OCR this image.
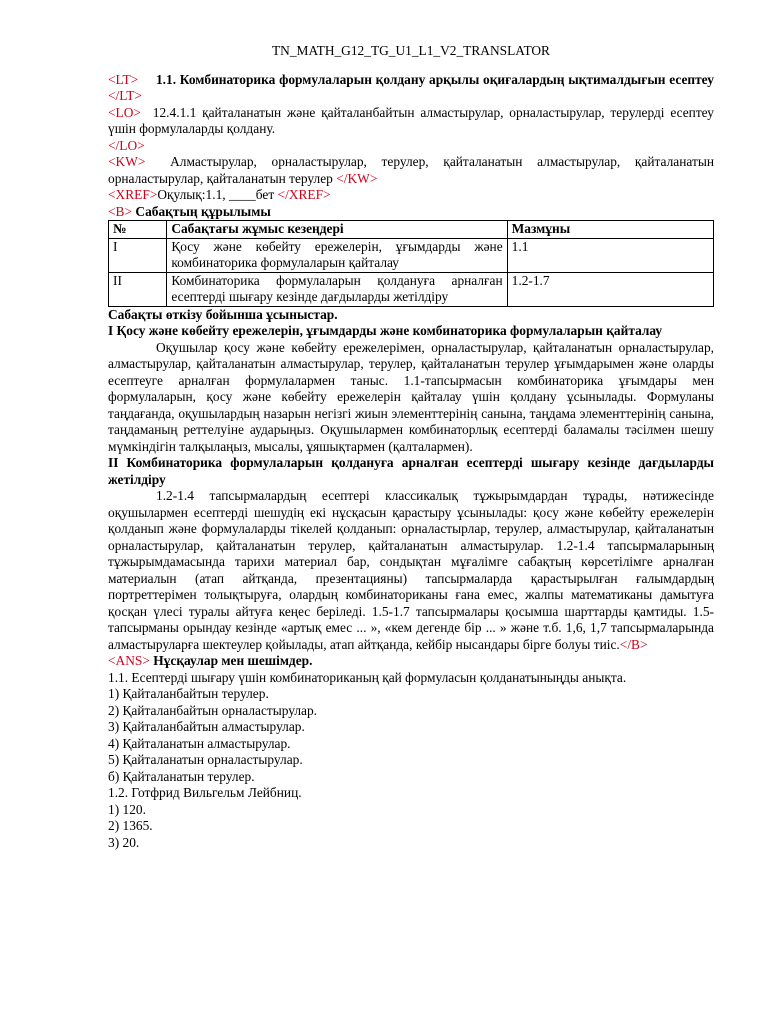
TN_MATH_G12_TG_U1_L1_V2_TRANSLATOR

<LT> 1.1. Комбинаторика формулаларын қолдану арқылы оқиғалардың ықтималдығын есептеу </LT>

<LO> 12.4.1.1 қайталанатын және қайталанбайтын алмастырулар, орналастырулар, терулерді есептеу үшін формулаларды қолдану.

</LO>

<KW> Алмастырулар, орналастырулар, терулер, қайталанатын алмастырулар, қайталанатын орналастырулар, қайталанатын терулер </KW>

<XREF>Оқулық:1.1, ____бет </XREF>

<B> Сабақтың құрылымы

№	Сабақтағы жұмыс кезеңдері	Мазмұны
I	Қосу және көбейту ережелерін, ұғымдарды және комбинаторика формулаларын қайталау	1.1
II	Комбинаторика формулаларын қолдануға арналған есептерді шығару кезінде дағдыларды жетілдіру	1.2-1.7

Сабақты өткізу бойынша ұсыныстар.

I Қосу және көбейту ережелерін, ұғымдарды және комбинаторика формулаларын қайталау

Оқушылар қосу және көбейту ережелерімен, орналастырулар, қайталанатын орналастырулар, алмастырулар, қайталанатын алмастырулар, терулер, қайталанатын терулер ұғымдарымен және оларды есептеуге арналған формулалармен таныс. 1.1-тапсырмасын комбинаторика ұғымдары мен формулаларын, қосу және көбейту ережелерін қайталау үшін қолдану ұсынылады. Формуланы таңдағанда, оқушылардың назарын негізгі жиын элементтерінің санына, таңдама элементтерінің санына, таңдаманың реттелуіне аударыңыз. Оқушылармен комбинаторлық есептерді баламалы тәсілмен шешу мүмкіндігін талқылаңыз, мысалы, ұяшықтармен (қалталармен).

II Комбинаторика формулаларын қолдануға арналған есептерді шығару кезінде дағдыларды жетілдіру

1.2-1.4 тапсырмалардың есептері классикалық тұжырымдардан тұрады, нәтижесінде оқушылармен есептерді шешудің екі нұсқасын қарастыру ұсынылады: қосу және көбейту ережелерін қолданып және формулаларды тікелей қолданып: орналастырлар, терулер, алмастырулар, қайталанатын орналастырулар, қайталанатын терулер, қайталанатын алмастырулар. 1.2-1.4 тапсырмаларының тұжырымдамасында тарихи материал бар, сондықтан мұғалімге сабақтың көрсетілімге арналған материалын (атап айтқанда, презентацияны) тапсырмаларда қарастырылған ғалымдардың портреттерімен толықтыруға, олардың комбинаториканы ғана емес, жалпы математиканы дамытуға қосқан үлесі туралы айтуға кеңес беріледі. 1.5-1.7 тапсырмалары қосымша шарттарды қамтиды. 1.5-тапсырманы орындау кезінде «артық емес ... », «кем дегенде бір ... » және т.б. 1,6, 1,7 тапсырмаларында алмастыруларға шектеулер қойылады, атап айтқанда, кейбір нысандары бірге болуы тиіс.</B>

<ANS> Нұсқаулар мен шешімдер.

1.1. Есептерді шығару үшін комбинаториканың қай формуласын қолданатыныңды анықта.

1) Қайталанбайтын терулер.

2) Қайталанбайтын орналастырулар.

3) Қайталанбайтын алмастырулар.

4) Қайталанатын алмастырулар.

5) Қайталанатын орналастырулар.

б) Қайталанатын терулер.

1.2. Готфрид Вильгельм Лейбниц.

1) 120.

2) 1365.

3) 20.
